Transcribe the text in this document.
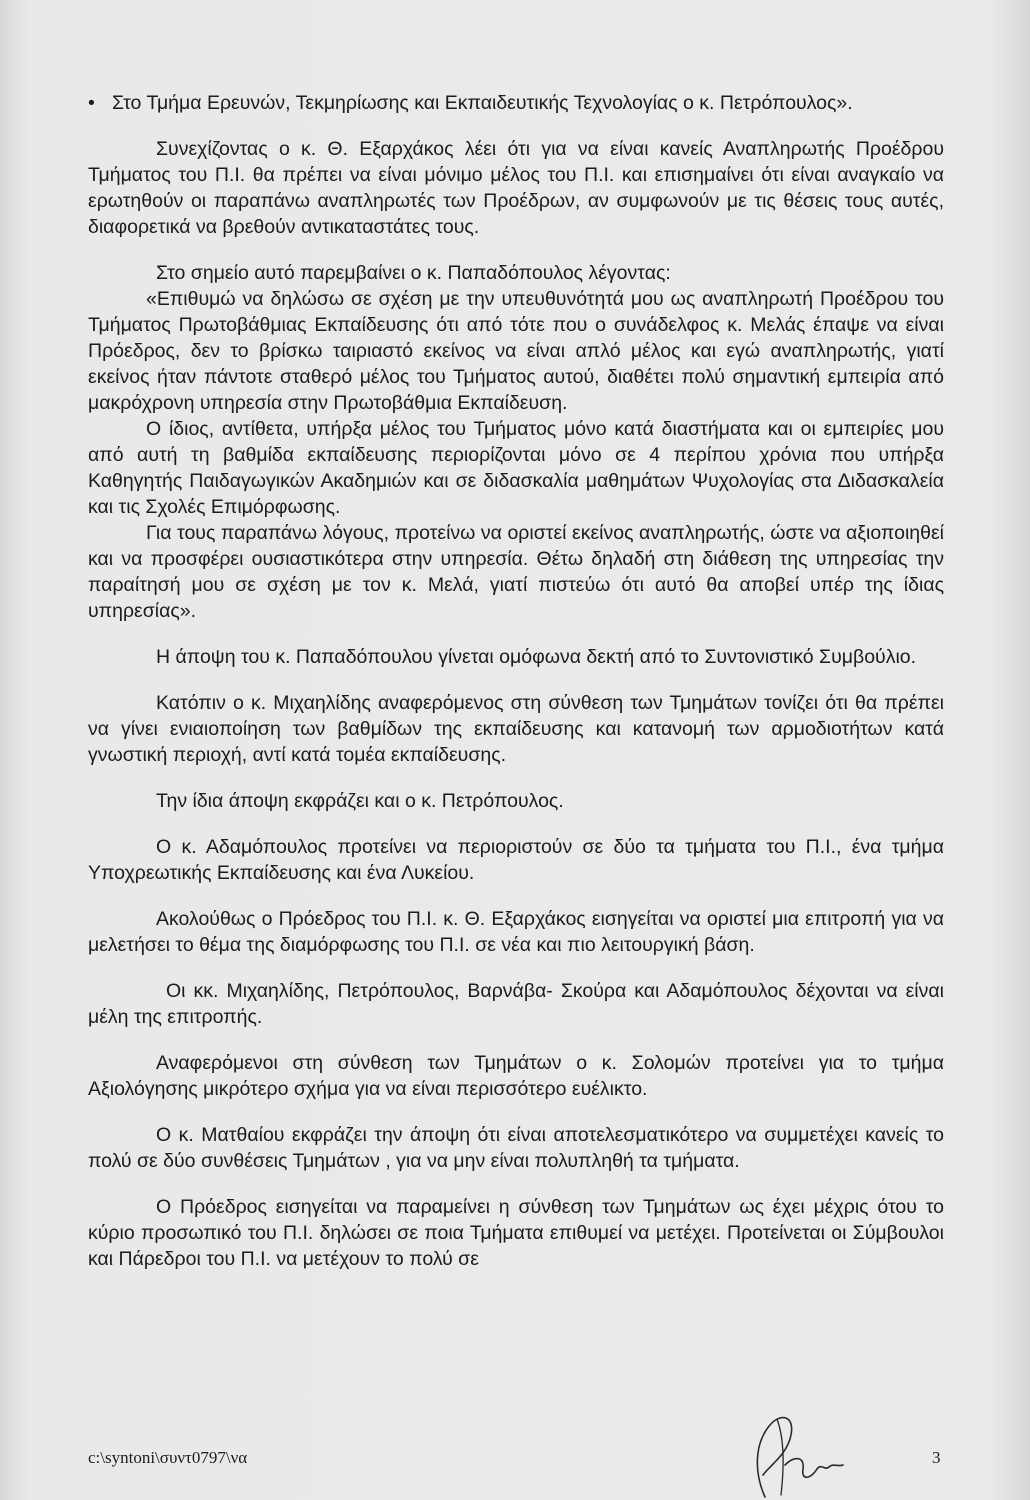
• Στο Τμήμα Ερευνών, Τεκμηρίωσης και Εκπαιδευτικής Τεχνολογίας ο κ. Πετρόπουλος».

Συνεχίζοντας ο κ. Θ. Εξαρχάκος λέει ότι για να είναι κανείς Αναπληρωτής Προέδρου Τμήματος του Π.Ι. θα πρέπει να είναι μόνιμο μέλος του Π.Ι. και επισημαίνει ότι είναι αναγκαίο να ερωτηθούν οι παραπάνω αναπληρωτές των Προέδρων, αν συμφωνούν με τις θέσεις τους αυτές, διαφορετικά να βρεθούν αντικαταστάτες τους.

Στο σημείο αυτό παρεμβαίνει ο κ. Παπαδόπουλος λέγοντας:

«Επιθυμώ να δηλώσω σε σχέση με την υπευθυνότητά μου ως αναπληρωτή Προέδρου του Τμήματος Πρωτοβάθμιας Εκπαίδευσης ότι από τότε που ο συνάδελφος κ. Μελάς έπαψε να είναι Πρόεδρος, δεν το βρίσκω ταιριαστό εκείνος να είναι απλό μέλος και εγώ αναπληρωτής, γιατί εκείνος ήταν πάντοτε σταθερό μέλος του Τμήματος αυτού, διαθέτει πολύ σημαντική εμπειρία από μακρόχρονη υπηρεσία στην Πρωτοβάθμια Εκπαίδευση.

Ο ίδιος, αντίθετα, υπήρξα μέλος του Τμήματος μόνο κατά διαστήματα και οι εμπειρίες μου από αυτή τη βαθμίδα εκπαίδευσης περιορίζονται μόνο σε 4 περίπου χρόνια που υπήρξα Καθηγητής Παιδαγωγικών Ακαδημιών και σε διδασκαλία μαθημάτων Ψυχολογίας στα Διδασκαλεία και τις Σχολές Επιμόρφωσης.

Για τους παραπάνω λόγους, προτείνω να οριστεί εκείνος αναπληρωτής, ώστε να αξιοποιηθεί και να προσφέρει ουσιαστικότερα στην υπηρεσία. Θέτω δηλαδή στη διάθεση της υπηρεσίας την παραίτησή μου σε σχέση με τον κ. Μελά, γιατί πιστεύω ότι αυτό θα αποβεί υπέρ της ίδιας υπηρεσίας».

Η άποψη του κ. Παπαδόπουλου γίνεται ομόφωνα δεκτή από το Συντονιστικό Συμβούλιο.

Κατόπιν ο κ. Μιχαηλίδης αναφερόμενος στη σύνθεση των Τμημάτων τονίζει ότι θα πρέπει να γίνει ενιαιοποίηση των βαθμίδων της εκπαίδευσης και κατανομή των αρμοδιοτήτων κατά γνωστική περιοχή, αντί κατά τομέα εκπαίδευσης.

Την ίδια άποψη εκφράζει και ο κ. Πετρόπουλος.

Ο κ. Αδαμόπουλος προτείνει να περιοριστούν σε δύο τα τμήματα του Π.Ι., ένα τμήμα Υποχρεωτικής Εκπαίδευσης και ένα Λυκείου.

Ακολούθως ο Πρόεδρος του Π.Ι. κ. Θ. Εξαρχάκος εισηγείται να οριστεί μια επιτροπή για να μελετήσει το θέμα της διαμόρφωσης του Π.Ι. σε νέα και πιο λειτουργική βάση.

Οι κκ. Μιχαηλίδης, Πετρόπουλος, Βαρνάβα- Σκούρα και Αδαμόπουλος δέχονται να είναι μέλη της επιτροπής.

Αναφερόμενοι στη σύνθεση των Τμημάτων ο κ. Σολομών προτείνει για το τμήμα Αξιολόγησης μικρότερο σχήμα για να είναι περισσότερο ευέλικτο.

Ο κ. Ματθαίου εκφράζει την άποψη ότι είναι αποτελεσματικότερο να συμμετέχει κανείς το πολύ σε δύο συνθέσεις Τμημάτων , για να μην είναι πολυπληθή τα τμήματα.

Ο Πρόεδρος εισηγείται να παραμείνει η σύνθεση των Τμημάτων ως έχει μέχρις ότου το κύριο προσωπικό του Π.Ι. δηλώσει σε ποια Τμήματα επιθυμεί να μετέχει. Προτείνεται οι Σύμβουλοι και Πάρεδροι του Π.Ι. να μετέχουν το πολύ σε

c:\syntoni\συντ0797\να	3
